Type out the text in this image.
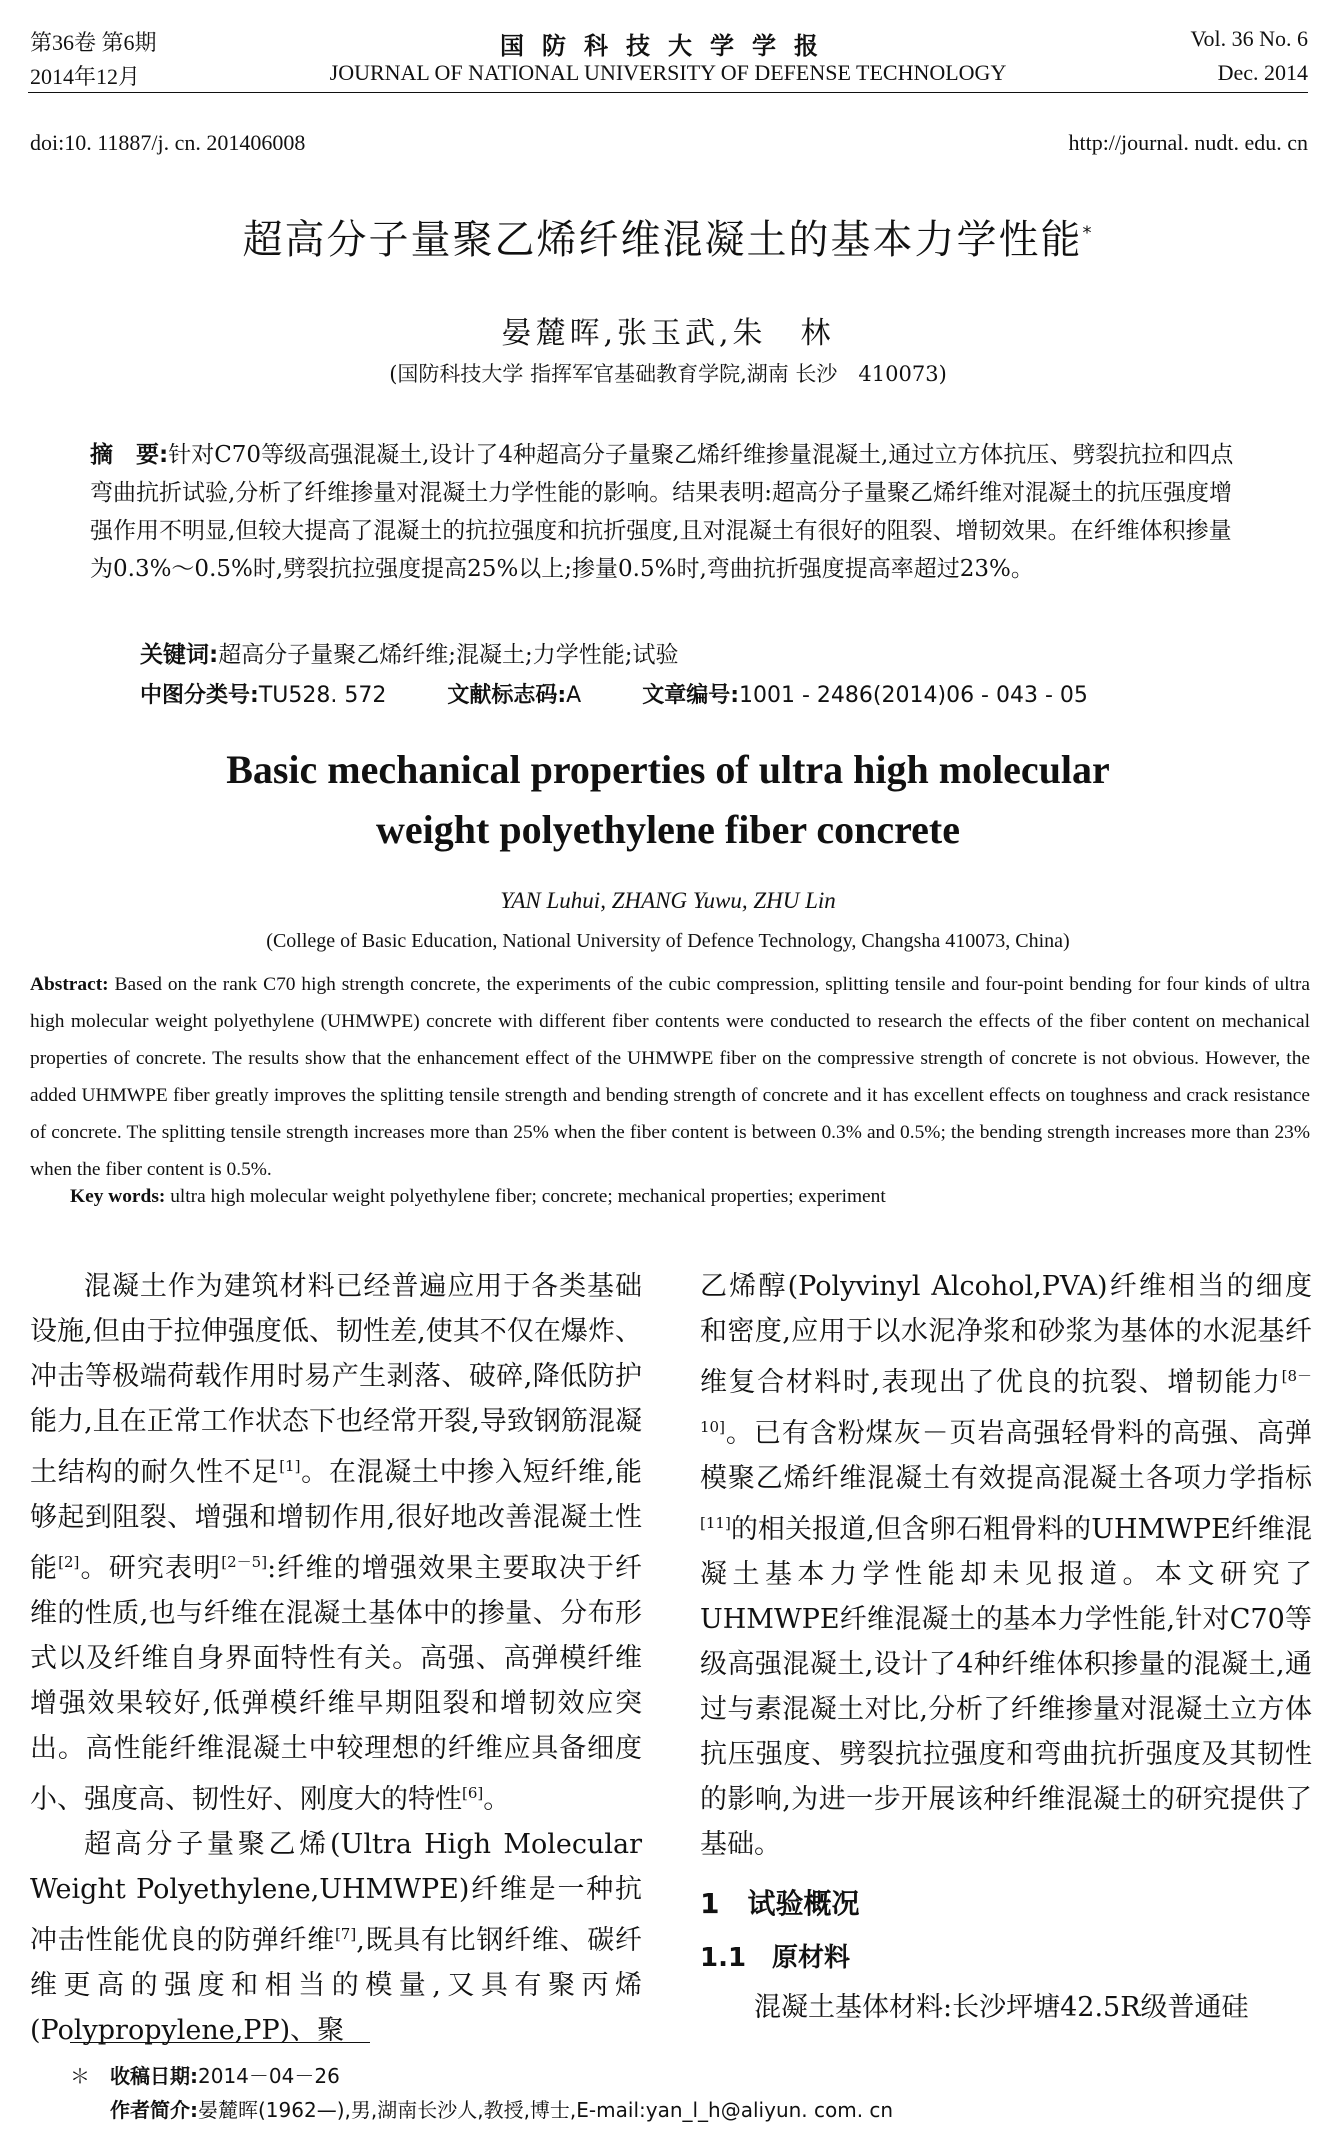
第36卷 第6期
2014年12月
国防科技大学学报
JOURNAL OF NATIONAL UNIVERSITY OF DEFENSE TECHNOLOGY
Vol. 36 No. 6
Dec. 2014
doi:10. 11887/j. cn. 201406008	http://journal. nudt. edu. cn
超高分子量聚乙烯纤维混凝土的基本力学性能*
晏麓晖,张玉武,朱　林
(国防科技大学 指挥军官基础教育学院,湖南 长沙　410073)
摘　要:针对C70等级高强混凝土,设计了4种超高分子量聚乙烯纤维掺量混凝土,通过立方体抗压、劈裂抗拉和四点弯曲抗折试验,分析了纤维掺量对混凝土力学性能的影响。结果表明:超高分子量聚乙烯纤维对混凝土的抗压强度增强作用不明显,但较大提高了混凝土的抗拉强度和抗折强度,且对混凝土有很好的阻裂、增韧效果。在纤维体积掺量为0.3%～0.5%时,劈裂抗拉强度提高25%以上;掺量0.5%时,弯曲抗折强度提高率超过23%。
关键词:超高分子量聚乙烯纤维;混凝土;力学性能;试验
中图分类号:TU528. 572	文献标志码:A	文章编号:1001 - 2486(2014)06 - 043 - 05
Basic mechanical properties of ultra high molecular
weight polyethylene fiber concrete
YAN Luhui, ZHANG Yuwu, ZHU Lin
(College of Basic Education, National University of Defence Technology, Changsha 410073, China)
Abstract: Based on the rank C70 high strength concrete, the experiments of the cubic compression, splitting tensile and four-point bending for four kinds of ultra high molecular weight polyethylene (UHMWPE) concrete with different fiber contents were conducted to research the effects of the fiber content on mechanical properties of concrete. The results show that the enhancement effect of the UHMWPE fiber on the compressive strength of concrete is not obvious. However, the added UHMWPE fiber greatly improves the splitting tensile strength and bending strength of concrete and it has excellent effects on toughness and crack resistance of concrete. The splitting tensile strength increases more than 25% when the fiber content is between 0.3% and 0.5%; the bending strength increases more than 23% when the fiber content is 0.5%.
Key words: ultra high molecular weight polyethylene fiber; concrete; mechanical properties; experiment

混凝土作为建筑材料已经普遍应用于各类基础设施,但由于拉伸强度低、韧性差,使其不仅在爆炸、冲击等极端荷载作用时易产生剥落、破碎,降低防护能力,且在正常工作状态下也经常开裂,导致钢筋混凝土结构的耐久性不足[1]。在混凝土中掺入短纤维,能够起到阻裂、增强和增韧作用,很好地改善混凝土性能[2]。研究表明[2－5]:纤维的增强效果主要取决于纤维的性质,也与纤维在混凝土基体中的掺量、分布形式以及纤维自身界面特性有关。高强、高弹模纤维增强效果较好,低弹模纤维早期阻裂和增韧效应突出。高性能纤维混凝土中较理想的纤维应具备细度小、强度高、韧性好、刚度大的特性[6]。

超高分子量聚乙烯(Ultra High Molecular Weight Polyethylene,UHMWPE)纤维是一种抗冲击性能优良的防弹纤维[7],既具有比钢纤维、碳纤维更高的强度和相当的模量,又具有聚丙烯(Polypropylene,PP)、聚

乙烯醇(Polyvinyl Alcohol,PVA)纤维相当的细度和密度,应用于以水泥净浆和砂浆为基体的水泥基纤维复合材料时,表现出了优良的抗裂、增韧能力[8－10]。已有含粉煤灰－页岩高强轻骨料的高强、高弹模聚乙烯纤维混凝土有效提高混凝土各项力学指标[11]的相关报道,但含卵石粗骨料的UHMWPE纤维混凝土基本力学性能却未见报道。本文研究了UHMWPE纤维混凝土的基本力学性能,针对C70等级高强混凝土,设计了4种纤维体积掺量的混凝土,通过与素混凝土对比,分析了纤维掺量对混凝土立方体抗压强度、劈裂抗拉强度和弯曲抗折强度及其韧性的影响,为进一步开展该种纤维混凝土的研究提供了基础。

1　试验概况
1.1　原材料

混凝土基体材料:长沙坪塘42.5R级普通硅

＊　 收稿日期:2014－04－26
作者简介:晏麓晖(1962—),男,湖南长沙人,教授,博士,E-mail:yan_l_h@aliyun. com. cn
